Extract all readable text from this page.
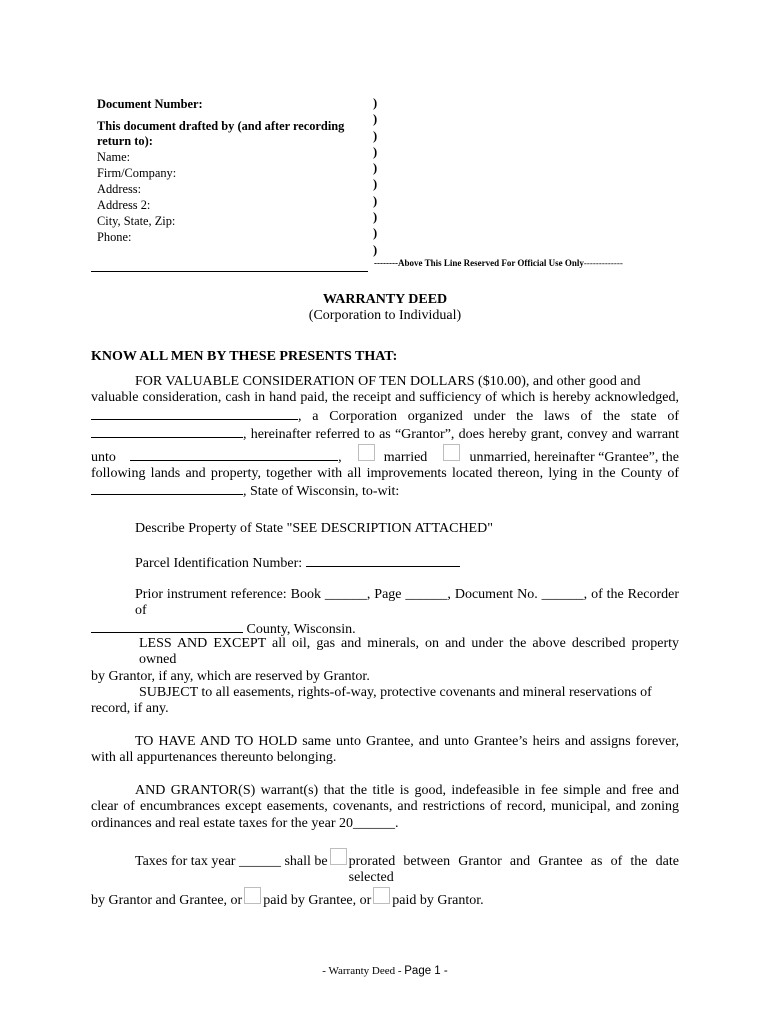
Document Number:
This document drafted by (and after recording
return to):
Name:
Firm/Company:
Address:
Address 2:
City, State, Zip:
Phone:
)
)
)
)
)
)
)
)
)
)
--------Above This Line Reserved For Official Use Only-------------
WARRANTY DEED
(Corporation to Individual)
KNOW ALL MEN BY THESE PRESENTS THAT:
FOR VALUABLE CONSIDERATION OF TEN DOLLARS ($10.00), and other good and
valuable consideration, cash in hand paid, the receipt and sufficiency of which is hereby acknowledged,
, a Corporation organized under the laws of the state of
, hereinafter referred to as “Grantor”, does hereby grant, convey and warrant
unto	,
	married
	unmarried, hereinafter “Grantee”, the
following lands and property, together with all improvements located thereon, lying in the County of
, State of Wisconsin, to-wit:
Describe Property of State "SEE DESCRIPTION ATTACHED"
Parcel Identification Number:
Prior instrument reference: Book ______, Page ______, Document No. ______, of the Recorder of

County, Wisconsin.
LESS AND EXCEPT all oil, gas and minerals, on and under the above described property owned
by Grantor, if any, which are reserved by Grantor.
SUBJECT to all easements, rights-of-way, protective covenants and mineral reservations of
record, if any.
TO HAVE AND TO HOLD same unto Grantee, and unto Grantee’s heirs and assigns forever,
with all appurtenances thereunto belonging.
AND GRANTOR(S) warrant(s) that the title is good, indefeasible in fee simple and free and
clear of encumbrances except easements, covenants, and restrictions of record, municipal, and zoning
ordinances and real estate taxes for the year 20______.
Taxes for tax year ______ shall be prorated between Grantor and Grantee as of the date selected
by Grantor and Grantee, or paid by Grantee, or paid by Grantor.
- Warranty Deed - Page 1 -
